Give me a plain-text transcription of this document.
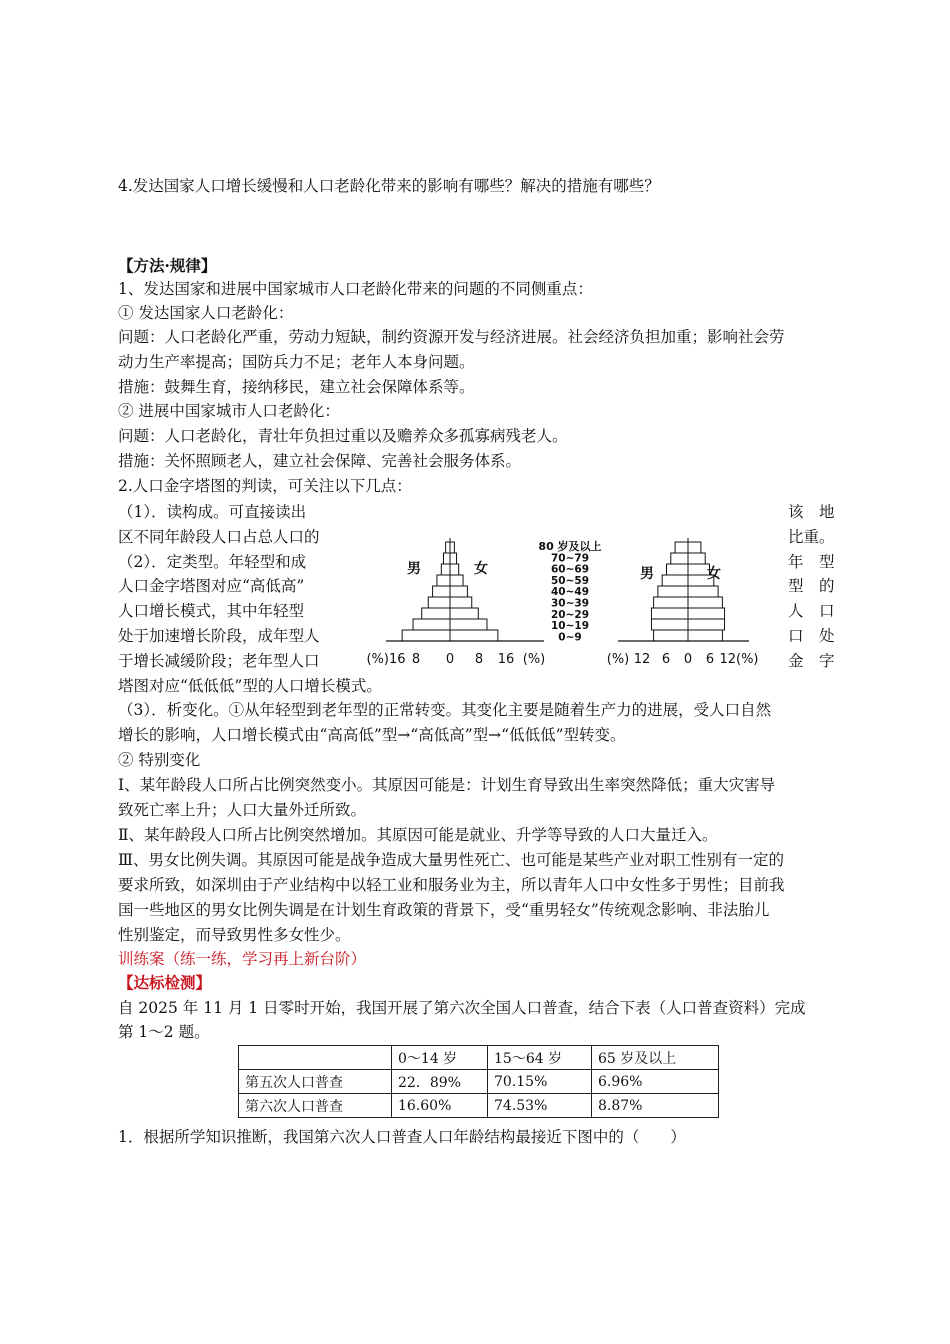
4.发达国家人口增长缓慢和人口老龄化带来的影响有哪些？解决的措施有哪些？
【方法·规律】
1、发达国家和进展中国家城市人口老龄化带来的问题的不同侧重点：
① 发达国家人口老龄化：
问题：人口老龄化严重，劳动力短缺，制约资源开发与经济进展。社会经济负担加重；影响社会劳
动力生产率提高；国防兵力不足；老年人本身问题。
措施：鼓舞生育，接纳移民，建立社会保障体系等。
② 进展中国家城市人口老龄化：
问题：人口老龄化，青壮年负担过重以及赡养众多孤寡病残老人。
措施：关怀照顾老人，建立社会保障、完善社会服务体系。
2.人口金字塔图的判读，可关注以下几点：
（1）．读构成。可直接读出
区不同年龄段人口占总人口的
（2）．定类型。年轻型和成
人口金字塔图对应“高低高”
人口增长模式，其中年轻型
处于加速增长阶段，成年型人
于增长减缓阶段；老年型人口
该　地
比重。
年　型
型　的
人　口
口　处
金　字
(%)16 8 0 8 16 (%)
男	女
(%) 12 6 0 6 12(%)
男	女
80 岁及以上
70~79
60~69
50~59
40~49
30~39
20~29
10~19
0~9
塔图对应“低低低”型的人口增长模式。
（3）．析变化。①从年轻型到老年型的正常转变。其变化主要是随着生产力的进展，受人口自然
增长的影响，人口增长模式由“高高低”型→“高低高”型→“低低低”型转变。
② 特别变化
Ⅰ、某年龄段人口所占比例突然变小。其原因可能是：计划生育导致出生率突然降低；重大灾害导
致死亡率上升；人口大量外迁所致。
Ⅱ、某年龄段人口所占比例突然增加。其原因可能是就业、升学等导致的人口大量迁入。
Ⅲ、男女比例失调。其原因可能是战争造成大量男性死亡、也可能是某些产业对职工性别有一定的
要求所致，如深圳由于产业结构中以轻工业和服务业为主，所以青年人口中女性多于男性；目前我
国一些地区的男女比例失调是在计划生育政策的背景下，受“重男轻女”传统观念影响、非法胎儿
性别鉴定，而导致男性多女性少。
训练案（练一练，学习再上新台阶）
【达标检测】
自 2025 年 11 月 1 日零时开始，我国开展了第六次全国人口普查，结合下表（人口普查资料）完成
第 1～2 题。
	0～14 岁	15～64 岁	65 岁及以上
第五次人口普查	22．89%	70.15%	6.96%
第六次人口普查	16.60%	74.53%	8.87%
1．根据所学知识推断，我国第六次人口普查人口年龄结构最接近下图中的（　　）
